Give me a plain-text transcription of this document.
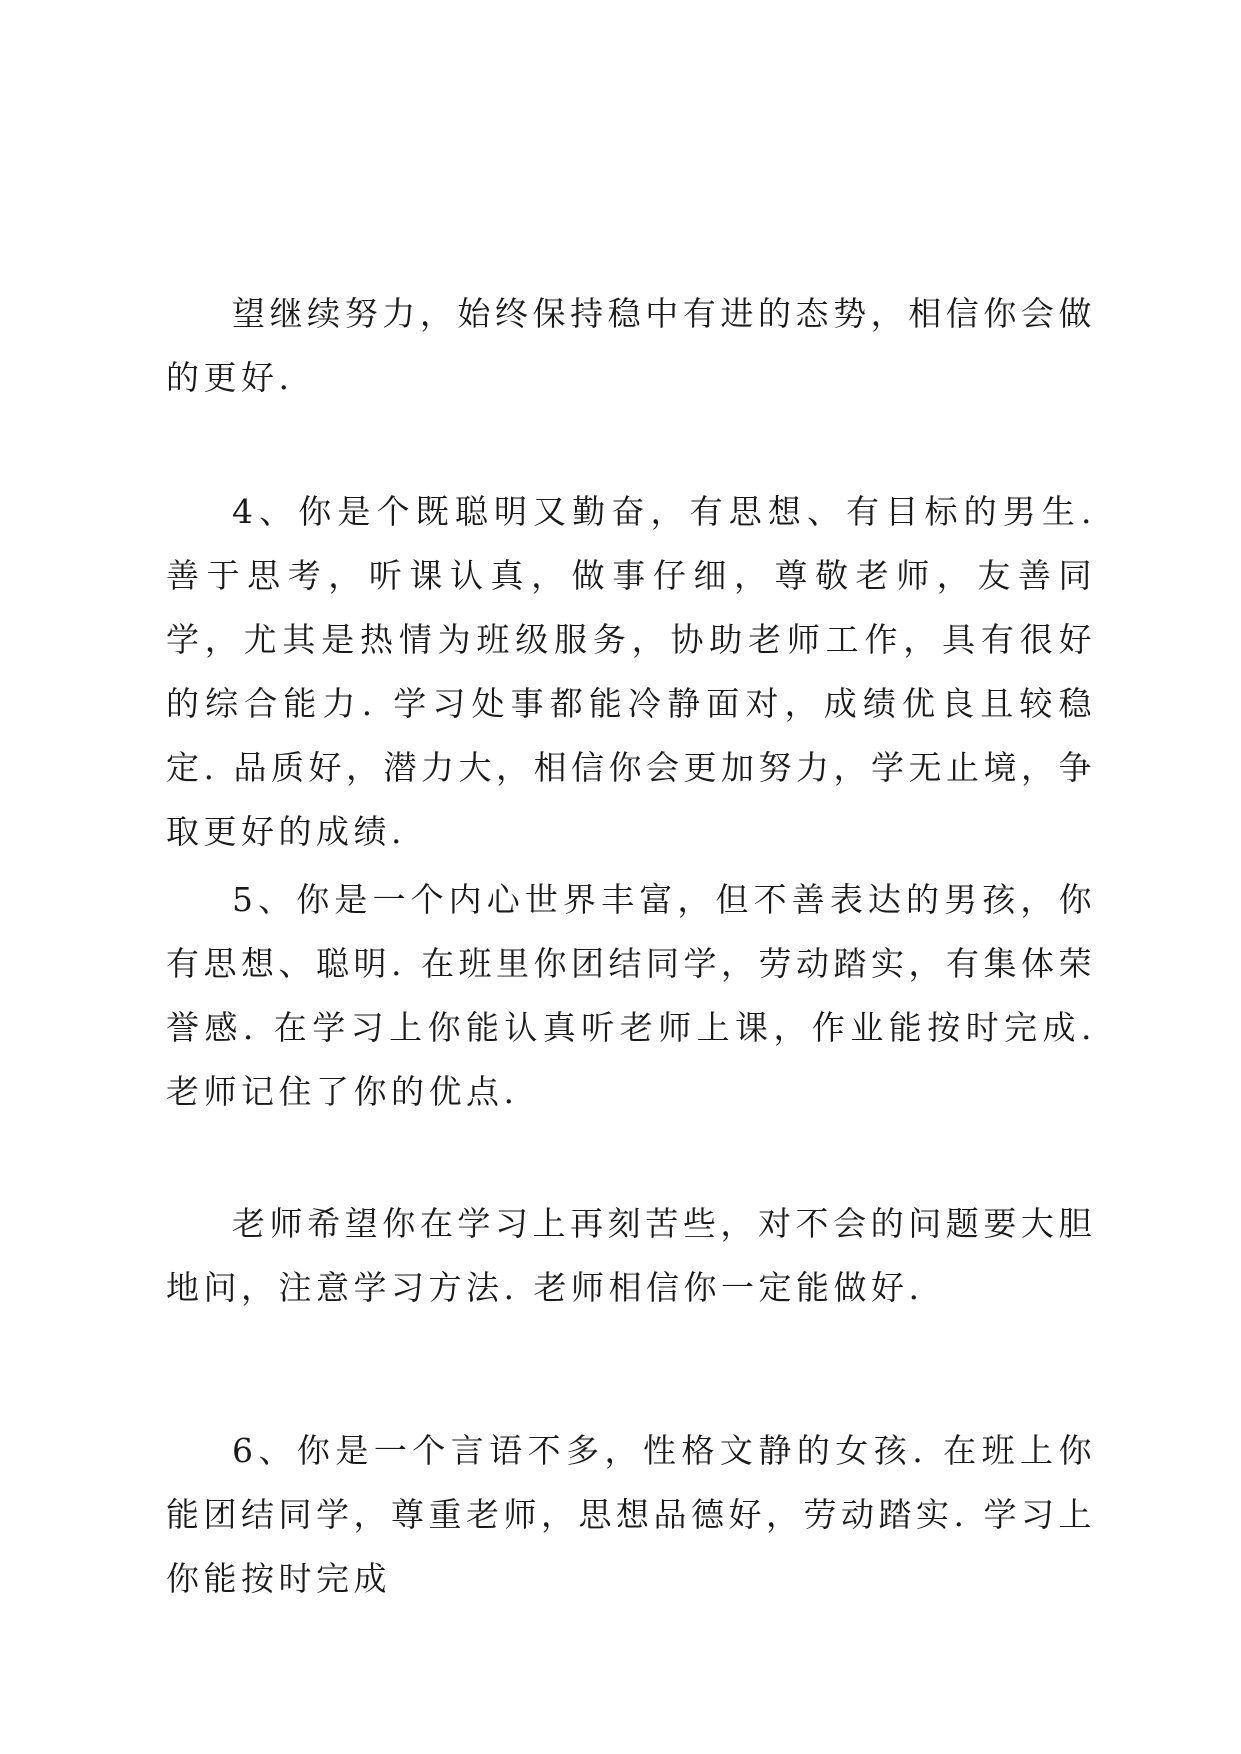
望继续努力，始终保持稳中有进的态势，相信你会做的更好.

4、你是个既聪明又勤奋，有思想、有目标的男生. 善于思考，听课认真，做事仔细，尊敬老师，友善同学，尤其是热情为班级服务，协助老师工作，具有很好的综合能力. 学习处事都能冷静面对，成绩优良且较稳定. 品质好，潜力大，相信你会更加努力，学无止境，争取更好的成绩.

5、你是一个内心世界丰富，但不善表达的男孩，你有思想、聪明. 在班里你团结同学，劳动踏实，有集体荣誉感. 在学习上你能认真听老师上课，作业能按时完成. 老师记住了你的优点.

老师希望你在学习上再刻苦些，对不会的问题要大胆地问，注意学习方法. 老师相信你一定能做好.

6、你是一个言语不多，性格文静的女孩. 在班上你能团结同学，尊重老师，思想品德好，劳动踏实. 学习上你能按时完成
